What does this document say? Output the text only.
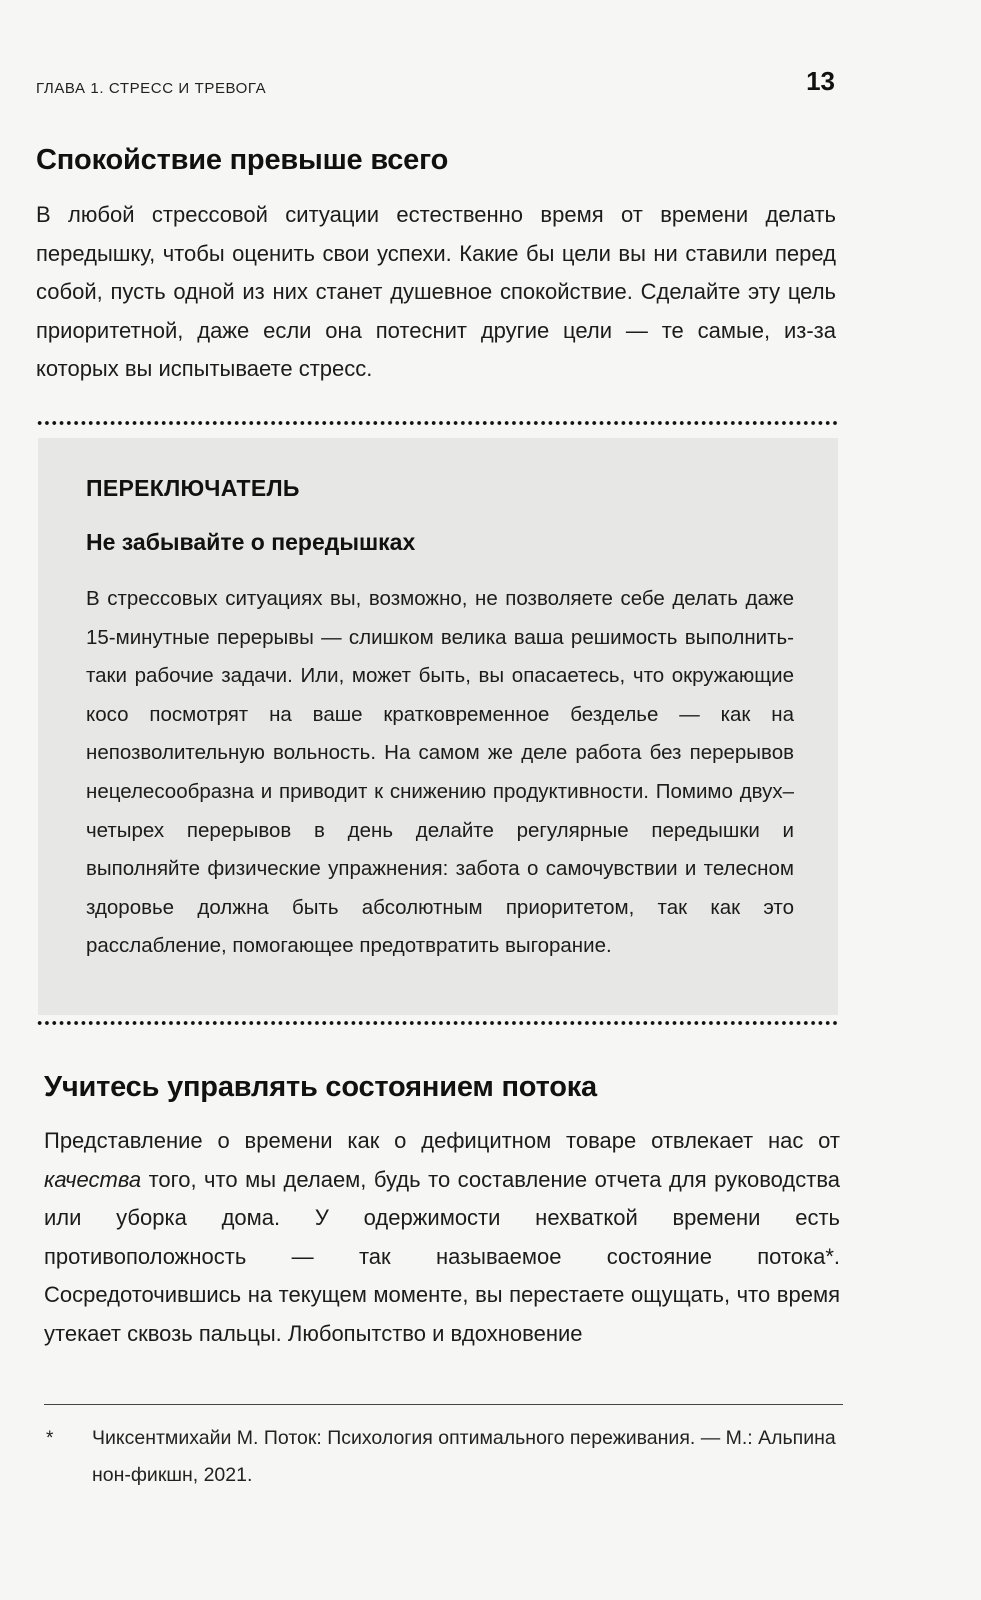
ГЛАВА 1. СТРЕСС И ТРЕВОГА	13
Спокойствие превыше всего
В любой стрессовой ситуации естественно время от времени делать передышку, чтобы оценить свои успехи. Какие бы цели вы ни ставили перед собой, пусть одной из них станет душевное спокойствие. Сделайте эту цель приоритетной, даже если она потеснит другие цели — те самые, из-за которых вы испытываете стресс.
ПЕРЕКЛЮЧАТЕЛЬ
Не забывайте о передышках
В стрессовых ситуациях вы, возможно, не позволяете себе делать даже 15-минутные перерывы — слишком велика ваша решимость выполнить-таки рабочие задачи. Или, может быть, вы опасаетесь, что окружающие косо посмотрят на ваше кратковременное безделье — как на непозволительную вольность. На самом же деле работа без перерывов нецелесообразна и приводит к снижению продуктивности. Помимо двух–четырех перерывов в день делайте регулярные передышки и выполняйте физические упражнения: забота о самочувствии и телесном здоровье должна быть абсолютным приоритетом, так как это расслабление, помогающее предотвратить выгорание.
Учитесь управлять состоянием потока
Представление о времени как о дефицитном товаре отвлекает нас от качества того, что мы делаем, будь то составление отчета для руководства или уборка дома. У одержимости нехваткой времени есть противоположность — так называемое состояние потока*. Сосредоточившись на текущем моменте, вы перестаете ощущать, что время утекает сквозь пальцы. Любопытство и вдохновение
* Чиксентмихайи М. Поток: Психология оптимального переживания. — М.: Альпина нон-фикшн, 2021.
